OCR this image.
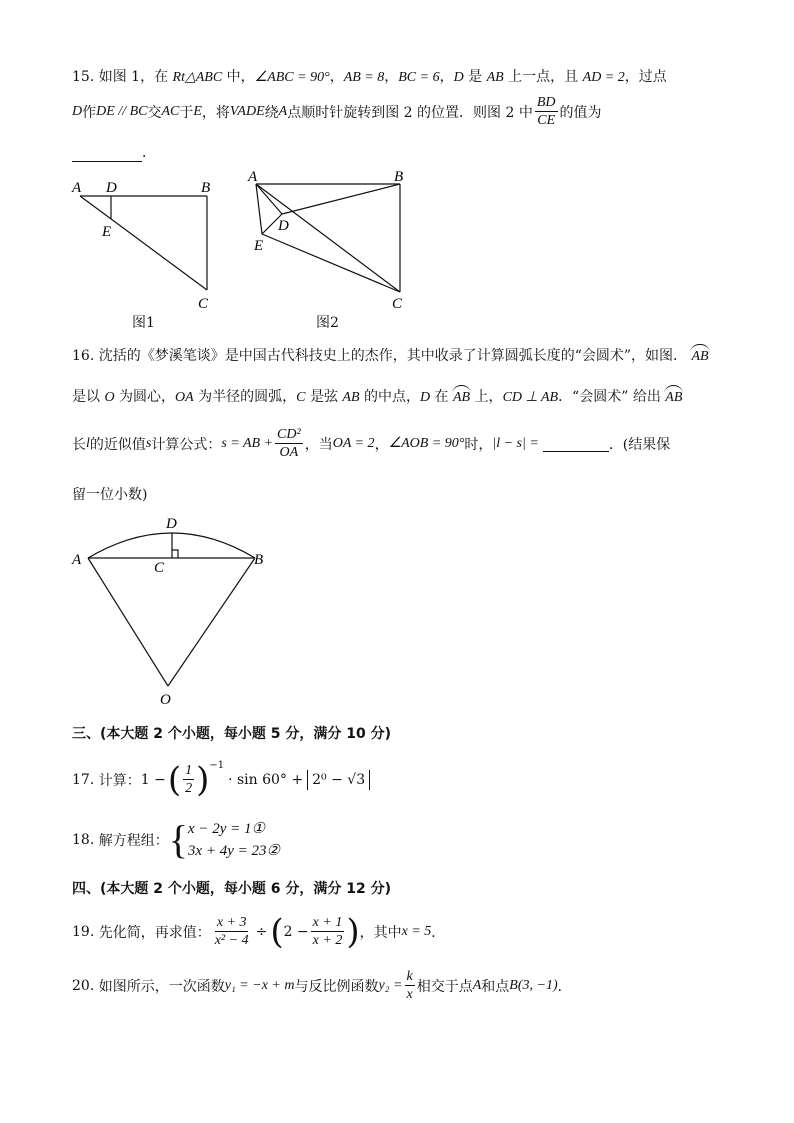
15. 如图 1，在 Rt△ABC 中，∠ABC = 90°，AB = 8，BC = 6，D 是 AB 上一点，且 AD = 2，过点
D 作 DE // BC 交 AC 于 E ，将 VADE 绕 A 点顺时针旋转到图 2 的位置．则图 2 中 $\frac{BD}{CE}$ 的值为
．
A D	B
E
C
图1
A	B
D
E
C
图2
16. 沈括的《梦溪笔谈》是中国古代科技史上的杰作，其中收录了计算圆弧长度的“会圆术”，如图． AB
是以 O 为圆心，OA 为半径的圆弧，C 是弦 AB 的中点，D 在 AB 上，CD ⊥ AB．“会圆术” 给出 AB
长 l 的近似值 s 计算公式： s = AB + $\frac{\text{CD²}}{OA}$ ，当 OA = 2 ， ∠AOB = 90° 时， |l − s| =
	．(结果保
留一位小数)
A	B
C
D
O
三、(本大题 2 个小题，每小题 5 分，满分 10 分)
17.
计算： 1 − ( $\frac{1}{2}$ ) −1
· sin 60° + 2⁰ − √3
18.
解方程组： { x − 2y = 1①
3x + 4y = 23②
四、(本大题 2 个小题，每小题 6 分，满分 12 分)
19.
先化简，再求值： $\frac{x + 3}{\text{x² − 4}}$ ÷ ( $2 - \frac{x + 1}{x + 2}$ ) ，其中 x = 5 ．
20.
如图所示，一次函数 y₁ = −x + m 与反比例函数 $y_2 = \frac{k}{x}$ 相交于点 A 和点 B(3, −1) ．
